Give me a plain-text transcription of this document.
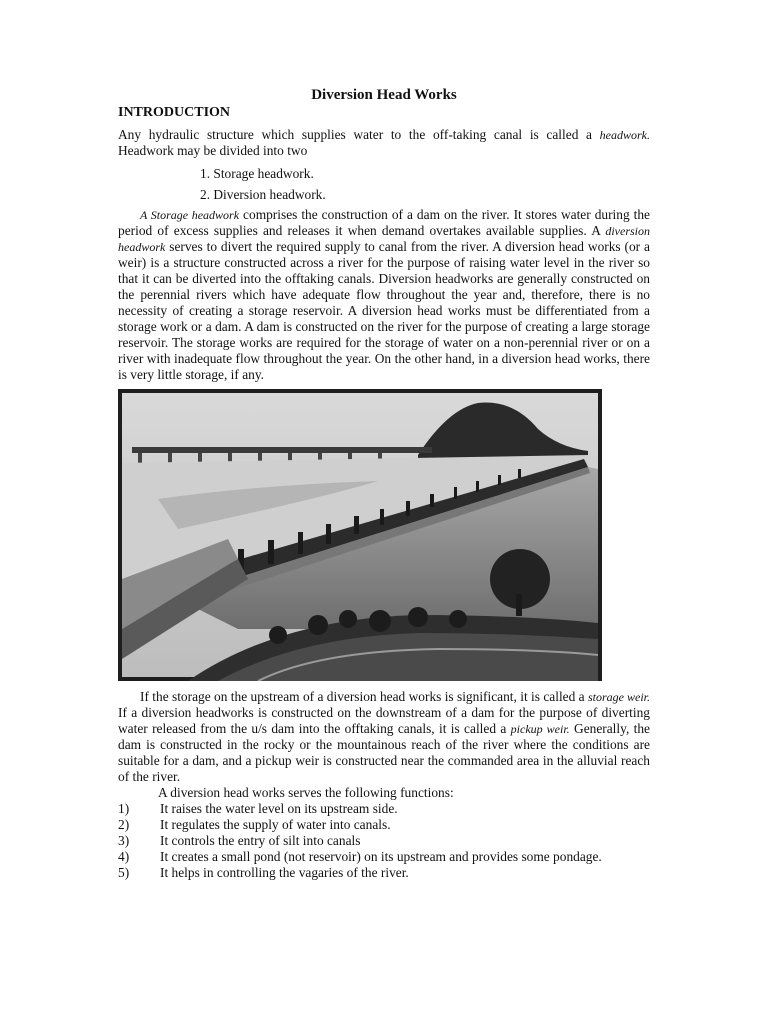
Diversion Head Works
INTRODUCTION

Any hydraulic structure which supplies water to the off-taking canal is called a headwork. Headwork may be divided into two

1. Storage headwork.
2. Diversion headwork.

A Storage headwork comprises the construction of a dam on the river. It stores water during the period of excess supplies and releases it when demand overtakes available supplies. A diversion headwork serves to divert the required supply to canal from the river. A diversion head works (or a weir) is a structure constructed across a river for the purpose of raising water level in the river so that it can be diverted into the offtaking canals. Diversion headworks are generally constructed on the perennial rivers which have adequate flow throughout the year and, therefore, there is no necessity of creating a storage reservoir. A diversion head works must be differentiated from a storage work or a dam. A dam is constructed on the river for the purpose of creating a large storage reservoir. The storage works are required for the storage of water on a non-perennial river or on a river with inadequate flow throughout the year. On the other hand, in a diversion head works, there is very little storage, if any.

If the storage on the upstream of a diversion head works is significant, it is called a storage weir. If a diversion headworks is constructed on the downstream of a dam for the purpose of diverting water released from the u/s dam into the offtaking canals, it is called a pickup weir. Generally, the dam is constructed in the rocky or the mountainous reach of the river where the conditions are suitable for a dam, and a pickup weir is constructed near the commanded area in the alluvial reach of the river.

A diversion head works serves the following functions:

1)	It raises the water level on its upstream side.
2)	It regulates the supply of water into canals.
3)	It controls the entry of silt into canals
4)	It creates a small pond (not reservoir) on its upstream and provides some pondage.
5)	It helps in controlling the vagaries of the river.
